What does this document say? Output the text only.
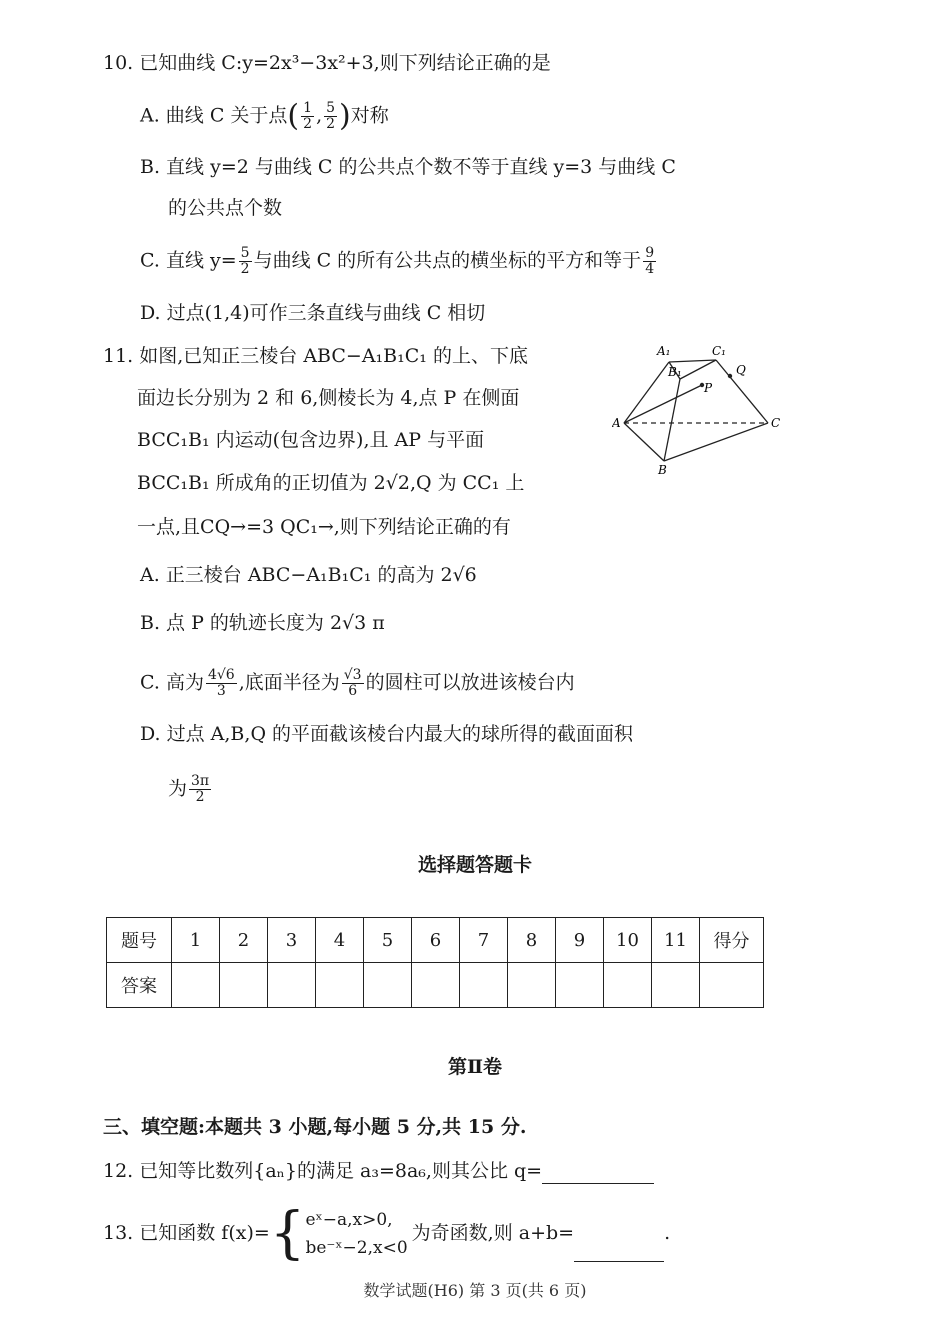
10. 已知曲线 C:y=2x³−3x²+3,则下列结论正确的是
A. 曲线 C 关于点( $\frac{1}{2}$ , $\frac{5}{2}$ )对称
B. 直线 y=2 与曲线 C 的公共点个数不等于直线 y=3 与曲线 C
的公共点个数
C. 直线 $y= \frac{5}{2}$ 与曲线 C 的所有公共点的横坐标的平方和等于 $\frac{9}{4}$
D. 过点(1,4)可作三条直线与曲线 C 相切
11. 如图,已知正三棱台 ABC−A₁B₁C₁ 的上、下底
面边长分别为 2 和 6,侧棱长为 4,点 P 在侧面
BCC₁B₁ 内运动(包含边界),且 AP 与平面
BCC₁B₁ 所成角的正切值为 2√2,Q 为 CC₁ 上
一点,且CQ→=3 QC₁→,则下列结论正确的有
A₁	C₁
B₁
P
Q
A	C
B
A. 正三棱台 ABC−A₁B₁C₁ 的高为 2√6
B. 点 P 的轨迹长度为 2√3 π
C. 高为 $\frac{4√6}{3}$ ,底面半径为 $\frac{√3}{6}$ 的圆柱可以放进该棱台内
D. 过点 A,B,Q 的平面截该棱台内最大的球所得的截面面积
为 $\frac{3\pi}{2}$
选择题答题卡
题号	1	2	3	4	5	6	7	8	9	10	11	得分
答案												
第Ⅱ卷
三、填空题:本题共 3 小题,每小题 5 分,共 15 分.
12. 已知等比数列{aₙ}的满足 a₃=8a₆,则其公比 q=
13. 已知函数 f(x)={ eˣ−a,x>0,
be⁻ˣ−2,x<0
为奇函数,则 a+b=	.
数学试题(H6) 第 3 页(共 6 页)
